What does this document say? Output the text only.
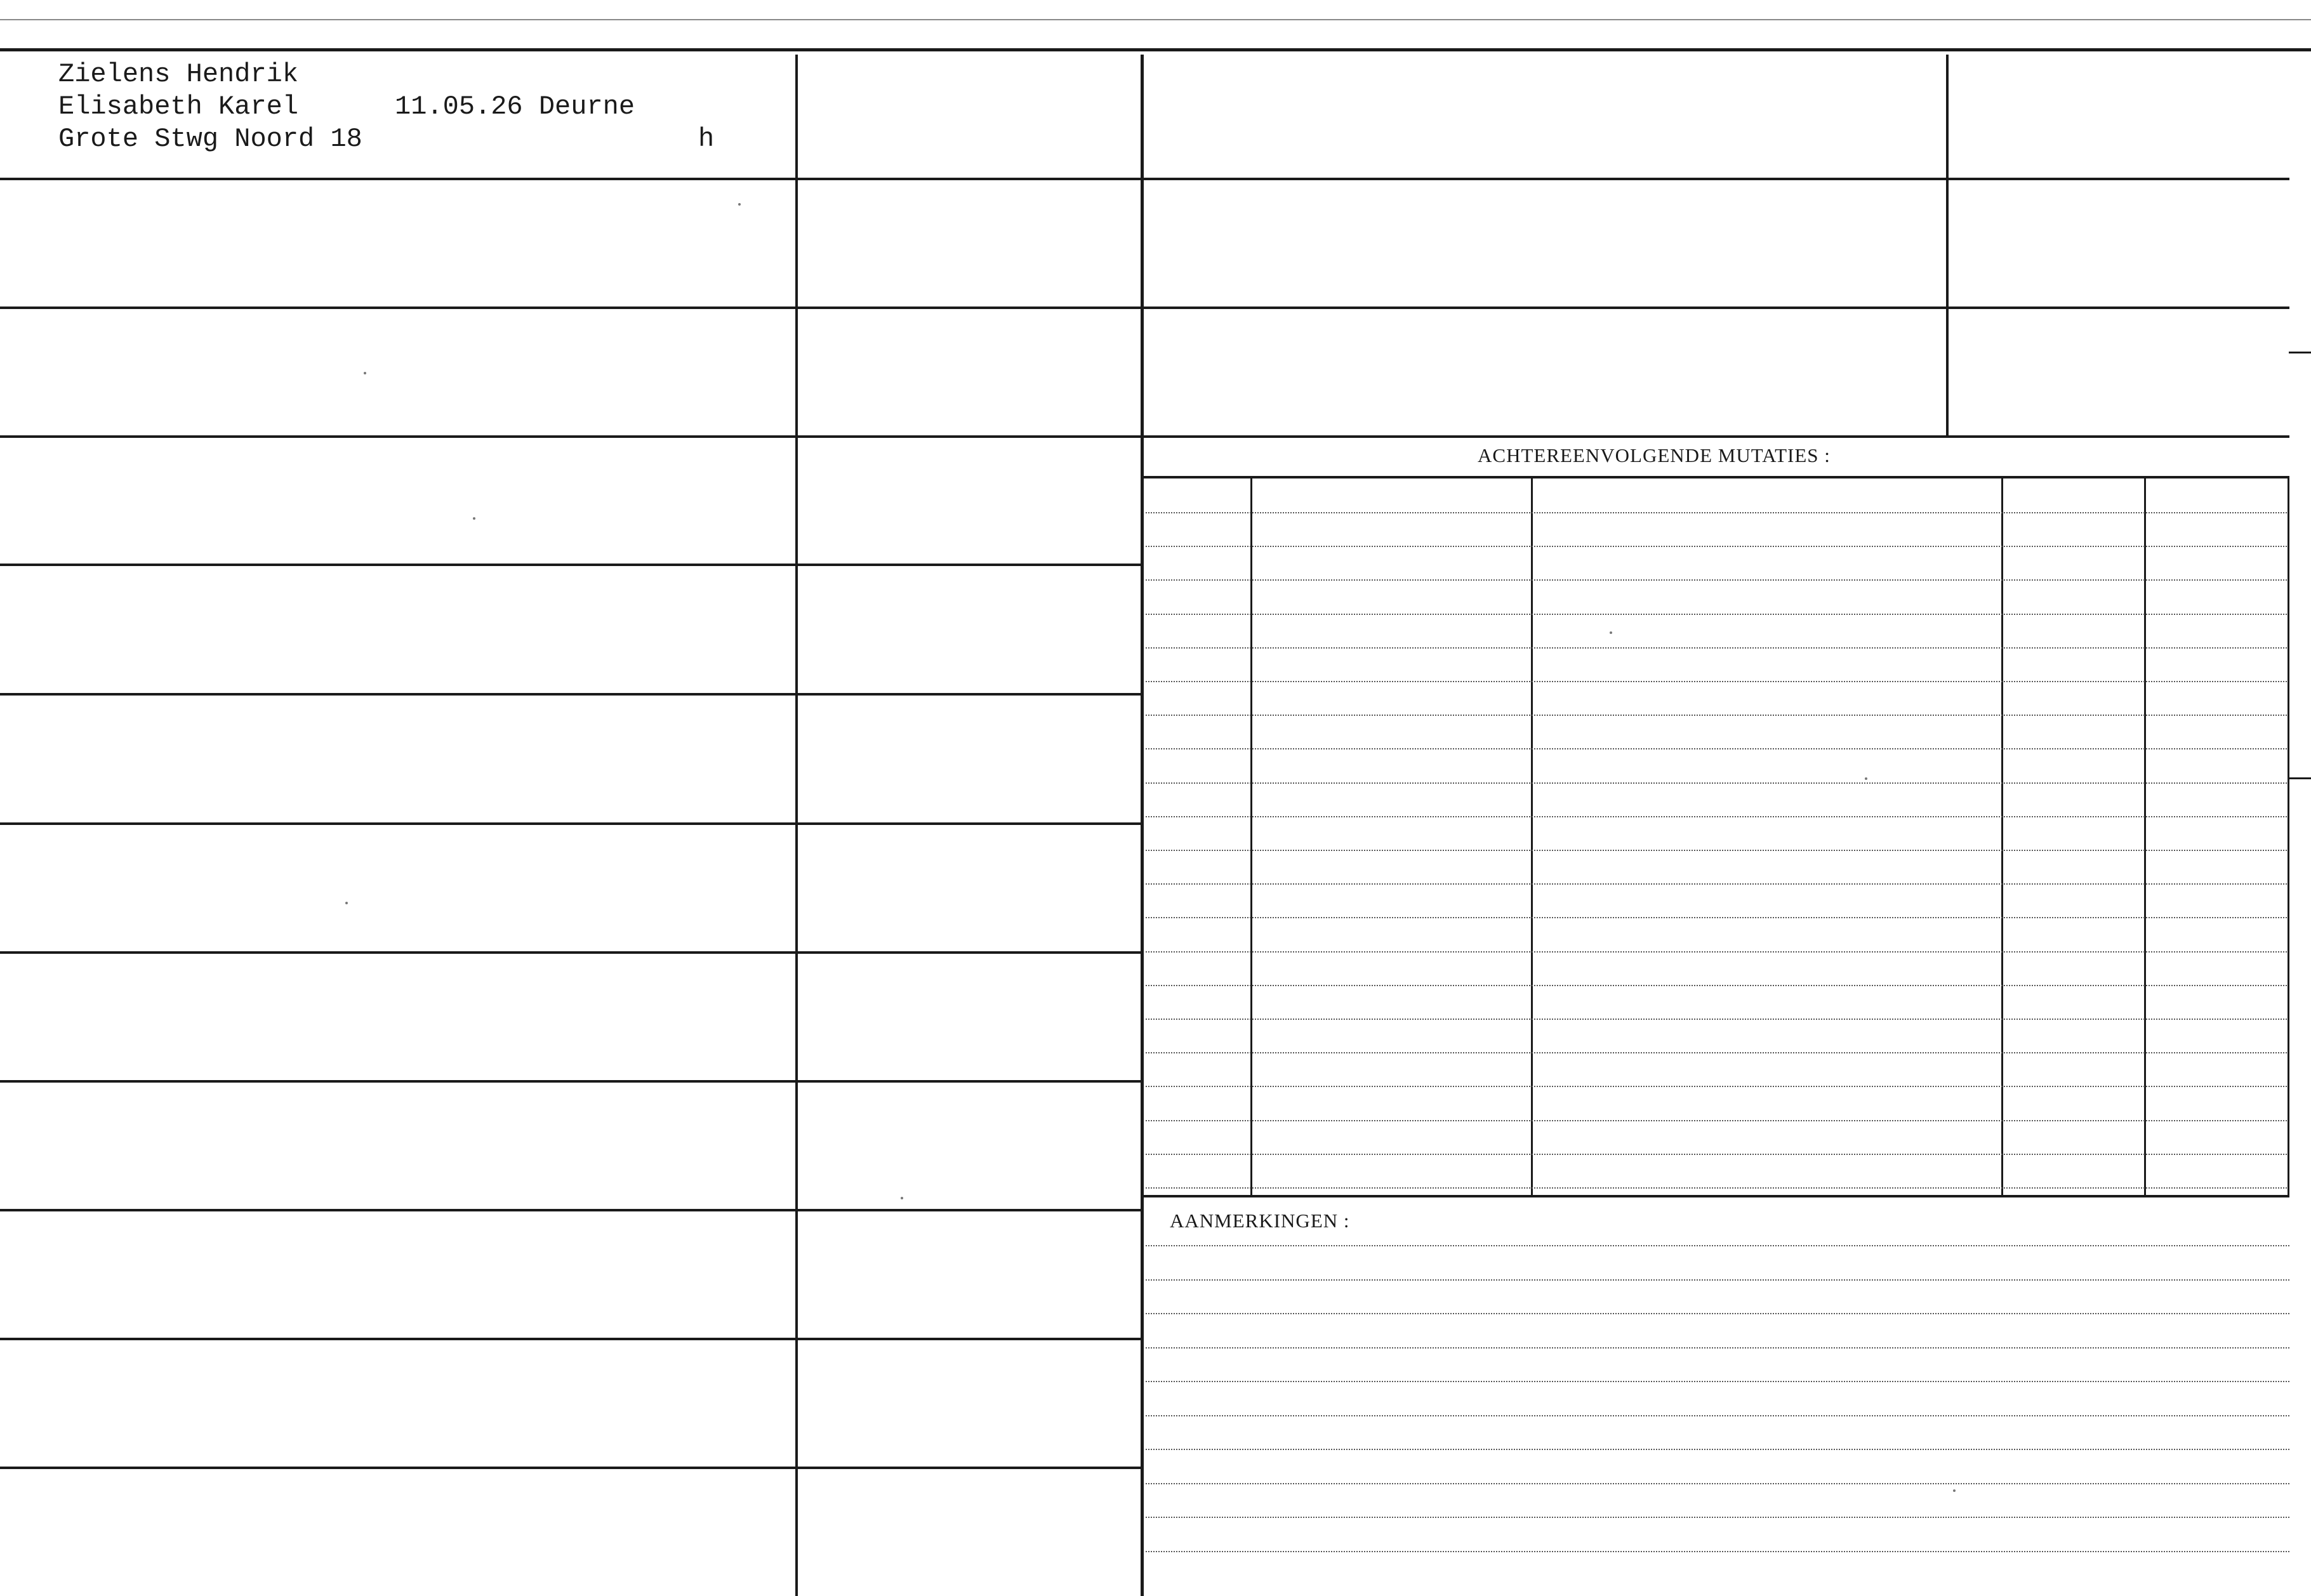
Zielens Hendrik

Elisabeth Karel	11.05.26 Deurne

Grote Stwg Noord 18	h

ACHTEREENVOLGENDE MUTATIES :

AANMERKINGEN :
